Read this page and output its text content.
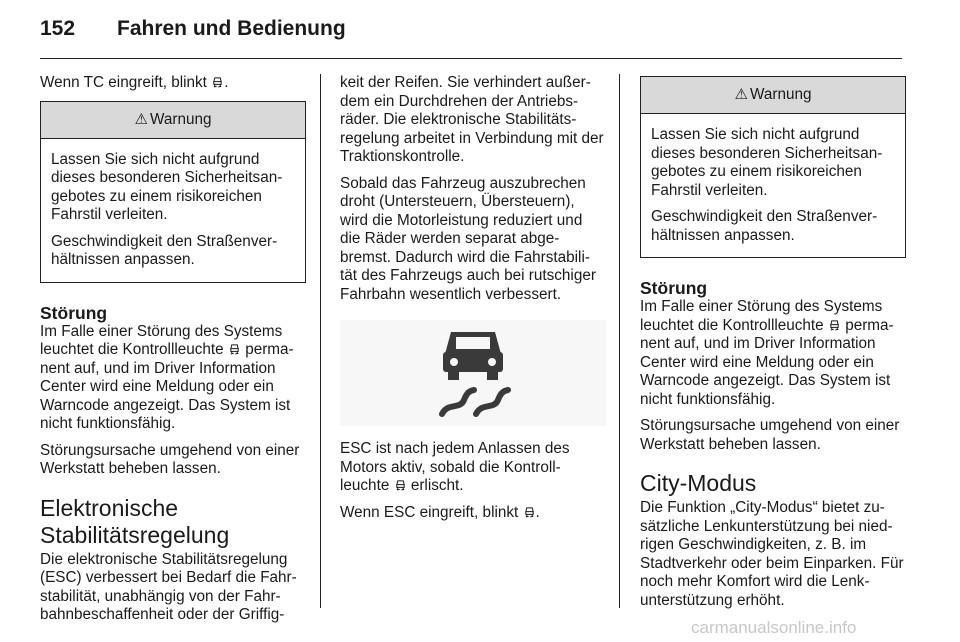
152 Fahren und Bedienung

Wenn TC eingreift, blinkt .

⚠ Warnung

Lassen Sie sich nicht aufgrund dieses besonderen Sicherheitsan-gebotes zu einem risikoreichen Fahrstil verleiten.

Geschwindigkeit den Straßenver-hältnissen anpassen.

Störung

Im Falle einer Störung des Systems leuchtet die Kontrollleuchte perma-nent auf, und im Driver Information Center wird eine Meldung oder ein Warncode angezeigt. Das System ist nicht funktionsfähig.

Störungsursache umgehend von einer Werkstatt beheben lassen.

Elektronische Stabilitätsregelung

Die elektronische Stabilitätsregelung (ESC) verbessert bei Bedarf die Fahr-stabilität, unabhängig von der Fahr-bahnbeschaffenheit oder der Griffig-

keit der Reifen. Sie verhindert außer-dem ein Durchdrehen der Antriebs-räder. Die elektronische Stabilitäts-regelung arbeitet in Verbindung mit der Traktionskontrolle.

Sobald das Fahrzeug auszubrechen droht (Untersteuern, Übersteuern), wird die Motorleistung reduziert und die Räder werden separat abge-bremst. Dadurch wird die Fahrstabili-tät des Fahrzeugs auch bei rutschiger Fahrbahn wesentlich verbessert.

ESC ist nach jedem Anlassen des Motors aktiv, sobald die Kontroll-leuchte erlischt.

Wenn ESC eingreift, blinkt .

⚠ Warnung

Lassen Sie sich nicht aufgrund dieses besonderen Sicherheitsan-gebotes zu einem risikoreichen Fahrstil verleiten.

Geschwindigkeit den Straßenver-hältnissen anpassen.

Störung

Im Falle einer Störung des Systems leuchtet die Kontrollleuchte perma-nent auf, und im Driver Information Center wird eine Meldung oder ein Warncode angezeigt. Das System ist nicht funktionsfähig.

Störungsursache umgehend von einer Werkstatt beheben lassen.

City-Modus

Die Funktion „City-Modus“ bietet zu-sätzliche Lenkunterstützung bei nied-rigen Geschwindigkeiten, z. B. im Stadtverkehr oder beim Einparken. Für noch mehr Komfort wird die Lenk-unterstützung erhöht.

carmanualsonline.info
